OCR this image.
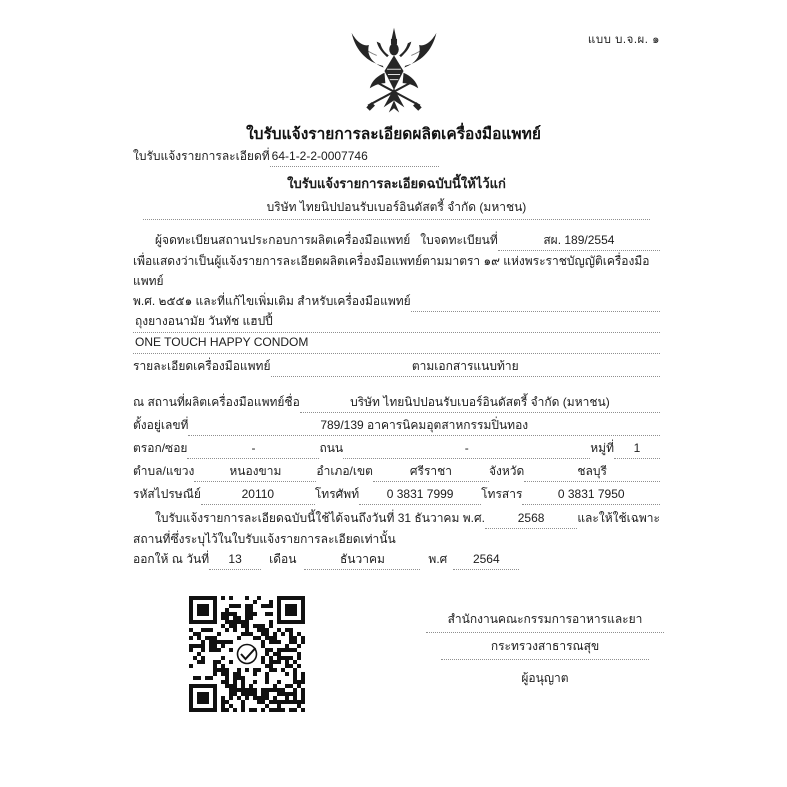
แบบ บ.จ.ผ. ๑
ใบรับแจ้งรายการละเอียดผลิตเครื่องมือแพทย์
ใบรับแจ้งรายการละเอียดที่ 64-1-2-2-0007746
ใบรับแจ้งรายการละเอียดฉบับนี้ให้ไว้แก่
บริษัท ไทยนิปปอนรับเบอร์อินดัสตรี้ จำกัด (มหาชน)
ผู้จดทะเบียนสถานประกอบการผลิตเครื่องมือแพทย์ ใบจดทะเบียนที่	สผ. 189/2554
เพื่อแสดงว่าเป็นผู้แจ้งรายการละเอียดผลิตเครื่องมือแพทย์ตามมาตรา ๑๙ แห่งพระราชบัญญัติเครื่องมือแพทย์
พ.ศ. ๒๕๕๑ และที่แก้ไขเพิ่มเติม สำหรับเครื่องมือแพทย์
ถุงยางอนามัย วันทัช แฮปปี้
ONE TOUCH HAPPY CONDOM
รายละเอียดเครื่องมือแพทย์	ตามเอกสารแนบท้าย
ณ สถานที่ผลิตเครื่องมือแพทย์ชื่อ	บริษัท ไทยนิปปอนรับเบอร์อินดัสตรี้ จำกัด (มหาชน)
ตั้งอยู่เลขที่	789/139 อาคารนิคมอุตสาหกรรมปิ่นทอง
ตรอก/ซอย	-	ถนน	-	หมู่ที่	1
ตำบล/แขวง	หนองขาม	อำเภอ/เขต	ศรีราชา	จังหวัด	ชลบุรี
รหัสไปรษณีย์	20110	โทรศัพท์	0 3831 7999	โทรสาร	0 3831 7950
ใบรับแจ้งรายการละเอียดฉบับนี้ใช้ได้จนถึงวันที่ 31 ธันวาคม พ.ศ.	2568	และให้ใช้เฉพาะ
สถานที่ซึ่งระบุไว้ในใบรับแจ้งรายการละเอียดเท่านั้น
ออกให้ ณ วันที่	13	เดือน	ธันวาคม	พ.ศ	2564
สำนักงานคณะกรรมการอาหารและยา
กระทรวงสาธารณสุข
ผู้อนุญาต
